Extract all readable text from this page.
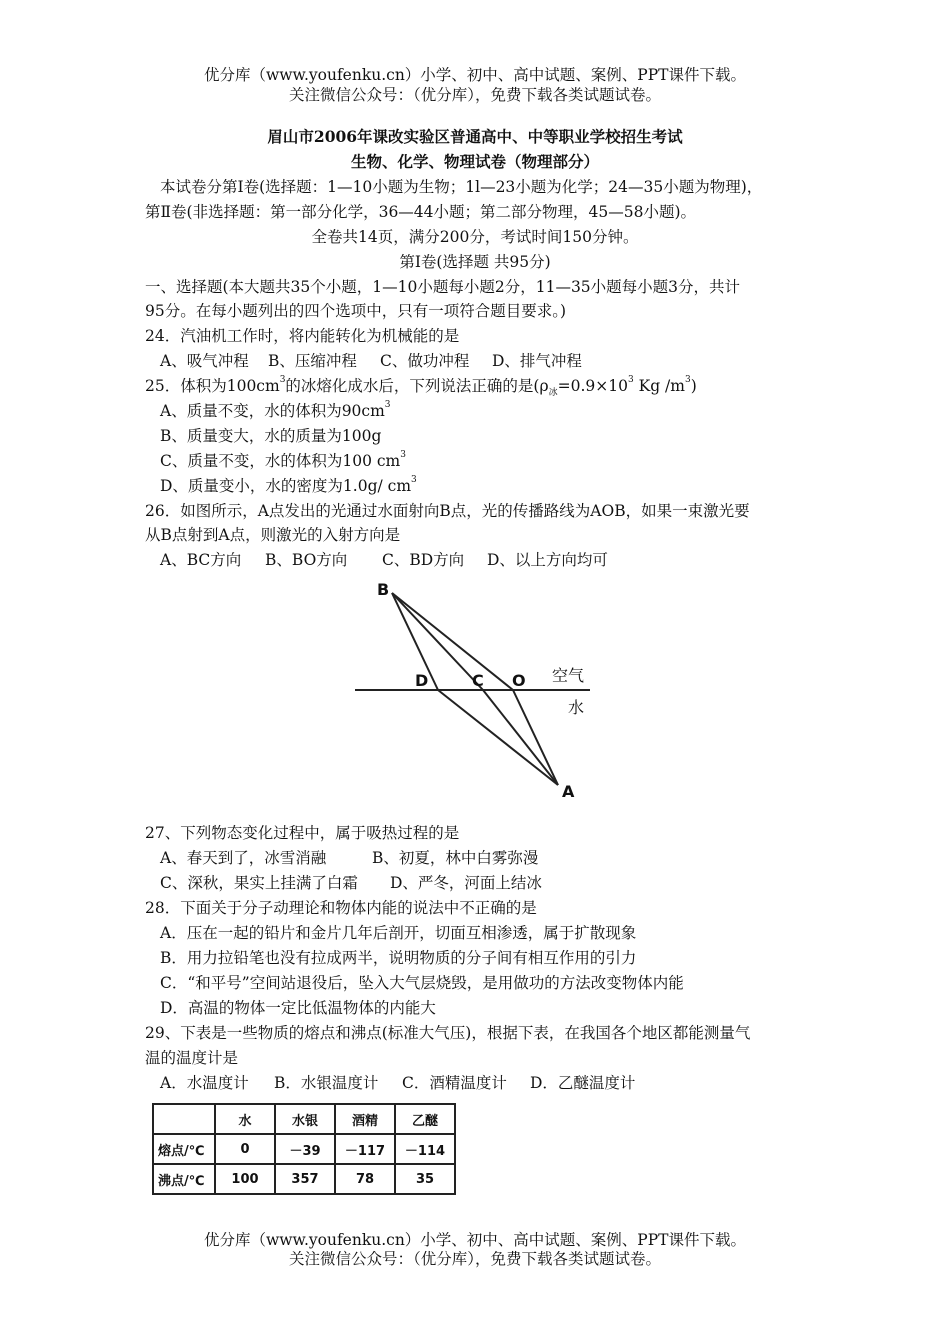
优分库（www.youfenku.cn）小学、初中、高中试题、案例、PPT课件下载。
关注微信公众号：（优分库），免费下载各类试题试卷。
眉山市2006年课改实验区普通高中、中等职业学校招生考试
生物、化学、物理试卷（物理部分）
本试卷分第Ⅰ卷(选择题：1—10小题为生物；1l—23小题为化学；24—35小题为物理)，
第Ⅱ卷(非选择题：第一部分化学，36—44小题；第二部分物理，45—58小题)。
全卷共14页，满分200分，考试时间150分钟。
第Ⅰ卷(选择题 共95分)
一、选择题(本大题共35个小题，1—10小题每小题2分，11—35小题每小题3分，共计
95分。在每小题列出的四个选项中，只有一项符合题目要求。)
24．汽油机工作时，将内能转化为机械能的是
A、吸气冲程 B、压缩冲程 C、做功冲程 D、排气冲程
25．体积为$100cm^3$的冰熔化成水后，下列说法正确的是($\rho_冰=0.9\times 10^3$ Kg $/m^3$)
A、质量不变，水的体积为$90cm^3$
B、质量变大，水的质量为100g
C、质量不变，水的体积为100 $cm^3$
D、质量变小，水的密度为1.0g/ $cm^3$
26．如图所示，A点发出的光通过水面射向B点，光的传播路线为AOB，如果一束激光要
从B点射到A点，则激光的入射方向是
A、BC方向 B、BO方向 C、BD方向 D、以上方向均可
B
A
D	C O 空气
水
27、下列物态变化过程中，属于吸热过程的是
A、春天到了，冰雪消融	B、初夏，林中白雾弥漫
C、深秋，果实上挂满了白霜 D、严冬，河面上结冰
28．下面关于分子动理论和物体内能的说法中不正确的是
A．压在一起的铅片和金片几年后剖开，切面互相渗透，属于扩散现象
B．用力拉铅笔也没有拉成两半，说明物质的分子间有相互作用的引力
C．“和平号”空间站退役后，坠入大气层烧毁，是用做功的方法改变物体内能
D．高温的物体一定比低温物体的内能大
29、下表是一些物质的熔点和沸点(标准大气压)，根据下表，在我国各个地区都能测量气
温的温度计是
A．水温度计 B．水银温度计 C．酒精温度计 D．乙醚温度计
	水	水银	酒精	乙醚
熔点/℃	0	－39	－117	－114
沸点/℃	100	357	78	35
优分库（www.youfenku.cn）小学、初中、高中试题、案例、PPT课件下载。
关注微信公众号：（优分库），免费下载各类试题试卷。
